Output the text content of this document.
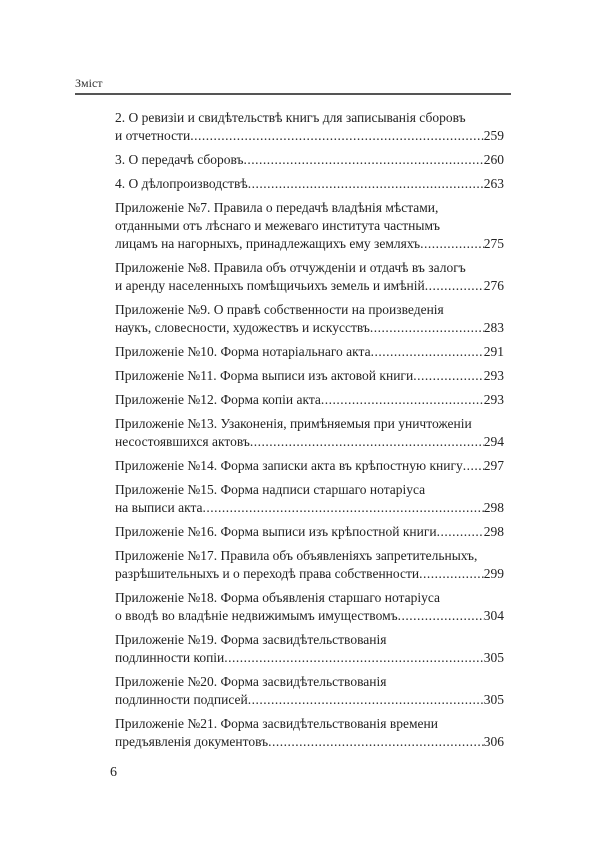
Зміст
2. О ревизіи и свидѣтельствѣ книгъ для записыванія сборовъ
и отчетности .....	259
3. О передачѣ сборовъ .....	260
4. О дѣлопроизводствѣ .....	263
Приложеніе №7. Правила о передачѣ владѣнія мѣстами,
отданными отъ лѣснаго и межеваго института частнымъ
лицамъ на нагорныхъ, принадлежащихъ ему земляхъ .....	275
Приложеніе №8. Правила объ отчужденіи и отдачѣ въ залогъ
и аренду населенныхъ помѣщичьихъ земель и имѣній .....	276
Приложеніе №9. О правѣ собственности на произведенія
наукъ, словесности, художествъ и искусствъ .....	283
Приложеніе №10. Форма нотаріальнаго акта .....	291
Приложеніе №11. Форма выписи изъ актовой книги .....	293
Приложеніе №12. Форма копіи акта .....	293
Приложеніе №13. Узаконенія, примѣняемыя при уничтоженіи
несостоявшихся актовъ .....	294
Приложеніе №14. Форма записки акта въ крѣпостную книгу ..... 297
Приложеніе №15. Форма надписи старшаго нотаріуса
на выписи акта .....	298
Приложеніе №16. Форма выписи изъ крѣпостной книги .....	298
Приложеніе №17. Правила объ объявленіяхъ запретительныхъ,
разрѣшительныхъ и о переходѣ права собственности .....	299
Приложеніе №18. Форма объявленія старшаго нотаріуса
о вводѣ во владѣніе недвижимымъ имуществомъ .....	304
Приложеніе №19. Форма засвидѣтельствованія
подлинности копіи .....	305
Приложеніе №20. Форма засвидѣтельствованія
подлинности подписей .....	305
Приложеніе №21. Форма засвидѣтельствованія времени
предъявленія документовъ .....	306
6
